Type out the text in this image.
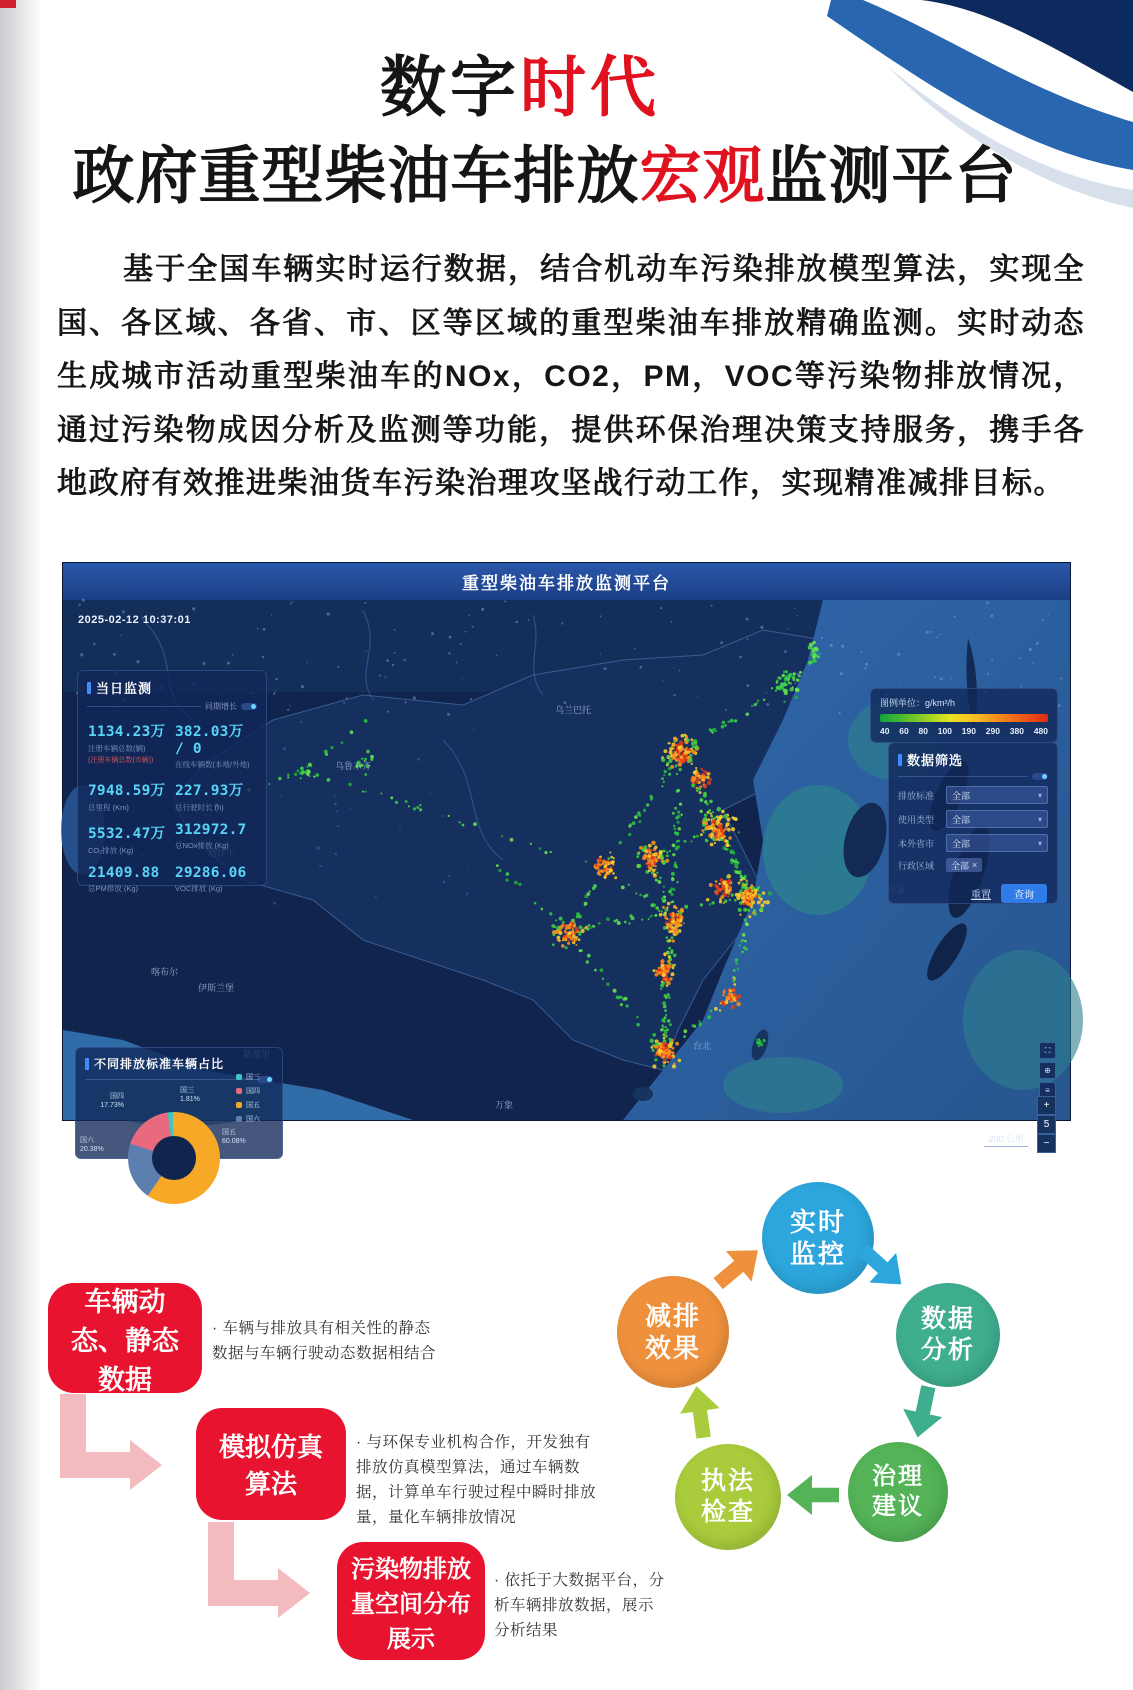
数字时代
政府重型柴油车排放宏观监测平台
基于全国车辆实时运行数据，结合机动车污染排放模型算法，实现全国、各区域、各省、市、区等区域的重型柴油车排放精确监测。实时动态生成城市活动重型柴油车的NOx，CO2，PM，VOC等污染物排放情况，通过污染物成因分析及监测等功能，提供环保治理决策支持服务，携手各地政府有效推进柴油货车污染治理攻坚战行动工作，实现精准减排目标。
重型柴油车排放监测平台
乌兰巴托
乌鲁木齐
喀布尔
伊斯兰堡
台北
万象
2025-02-12 10:37:01
当日监测
同期增长
1134.23万
注册车辆总数(辆)
(注册车辆总数(市辆))
382.03万 / 0
在线车辆数(本地/外地)
7948.59万
总里程 (Km)
227.93万
总行驶时长 (h)
5532.47万
CO₂排放 (Kg)
312972.7
总NOx排放 (Kg)
21409.88
总PM排放 (Kg)
29286.06
VOC排放 (Kg)
图例单位：g/km²/h
40 60 80 100 190 290 380 480
数据筛选
排放标准	全部	▾
使用类型	全部	▾
本外省市	全部	▾
行政区域	全部 ×
重置	查询
不同排放标准车辆占比
国四
17.73%
国三
1.81%
国五
60.08%
国六
20.38%
国三
国四
国五
国六
⛶
⊕
≡
+
5
−
200 公里
车辆动态、静态数据
· 车辆与排放具有相关性的静态数据与车辆行驶动态数据相结合
模拟仿真算法
· 与环保专业机构合作，开发独有排放仿真模型算法，通过车辆数据，计算单车行驶过程中瞬时排放量，量化车辆排放情况
污染物排放量空间分布展示
· 依托于大数据平台，分析车辆排放数据，展示分析结果
实时监控
数据分析
治理建议
执法检查
减排效果
